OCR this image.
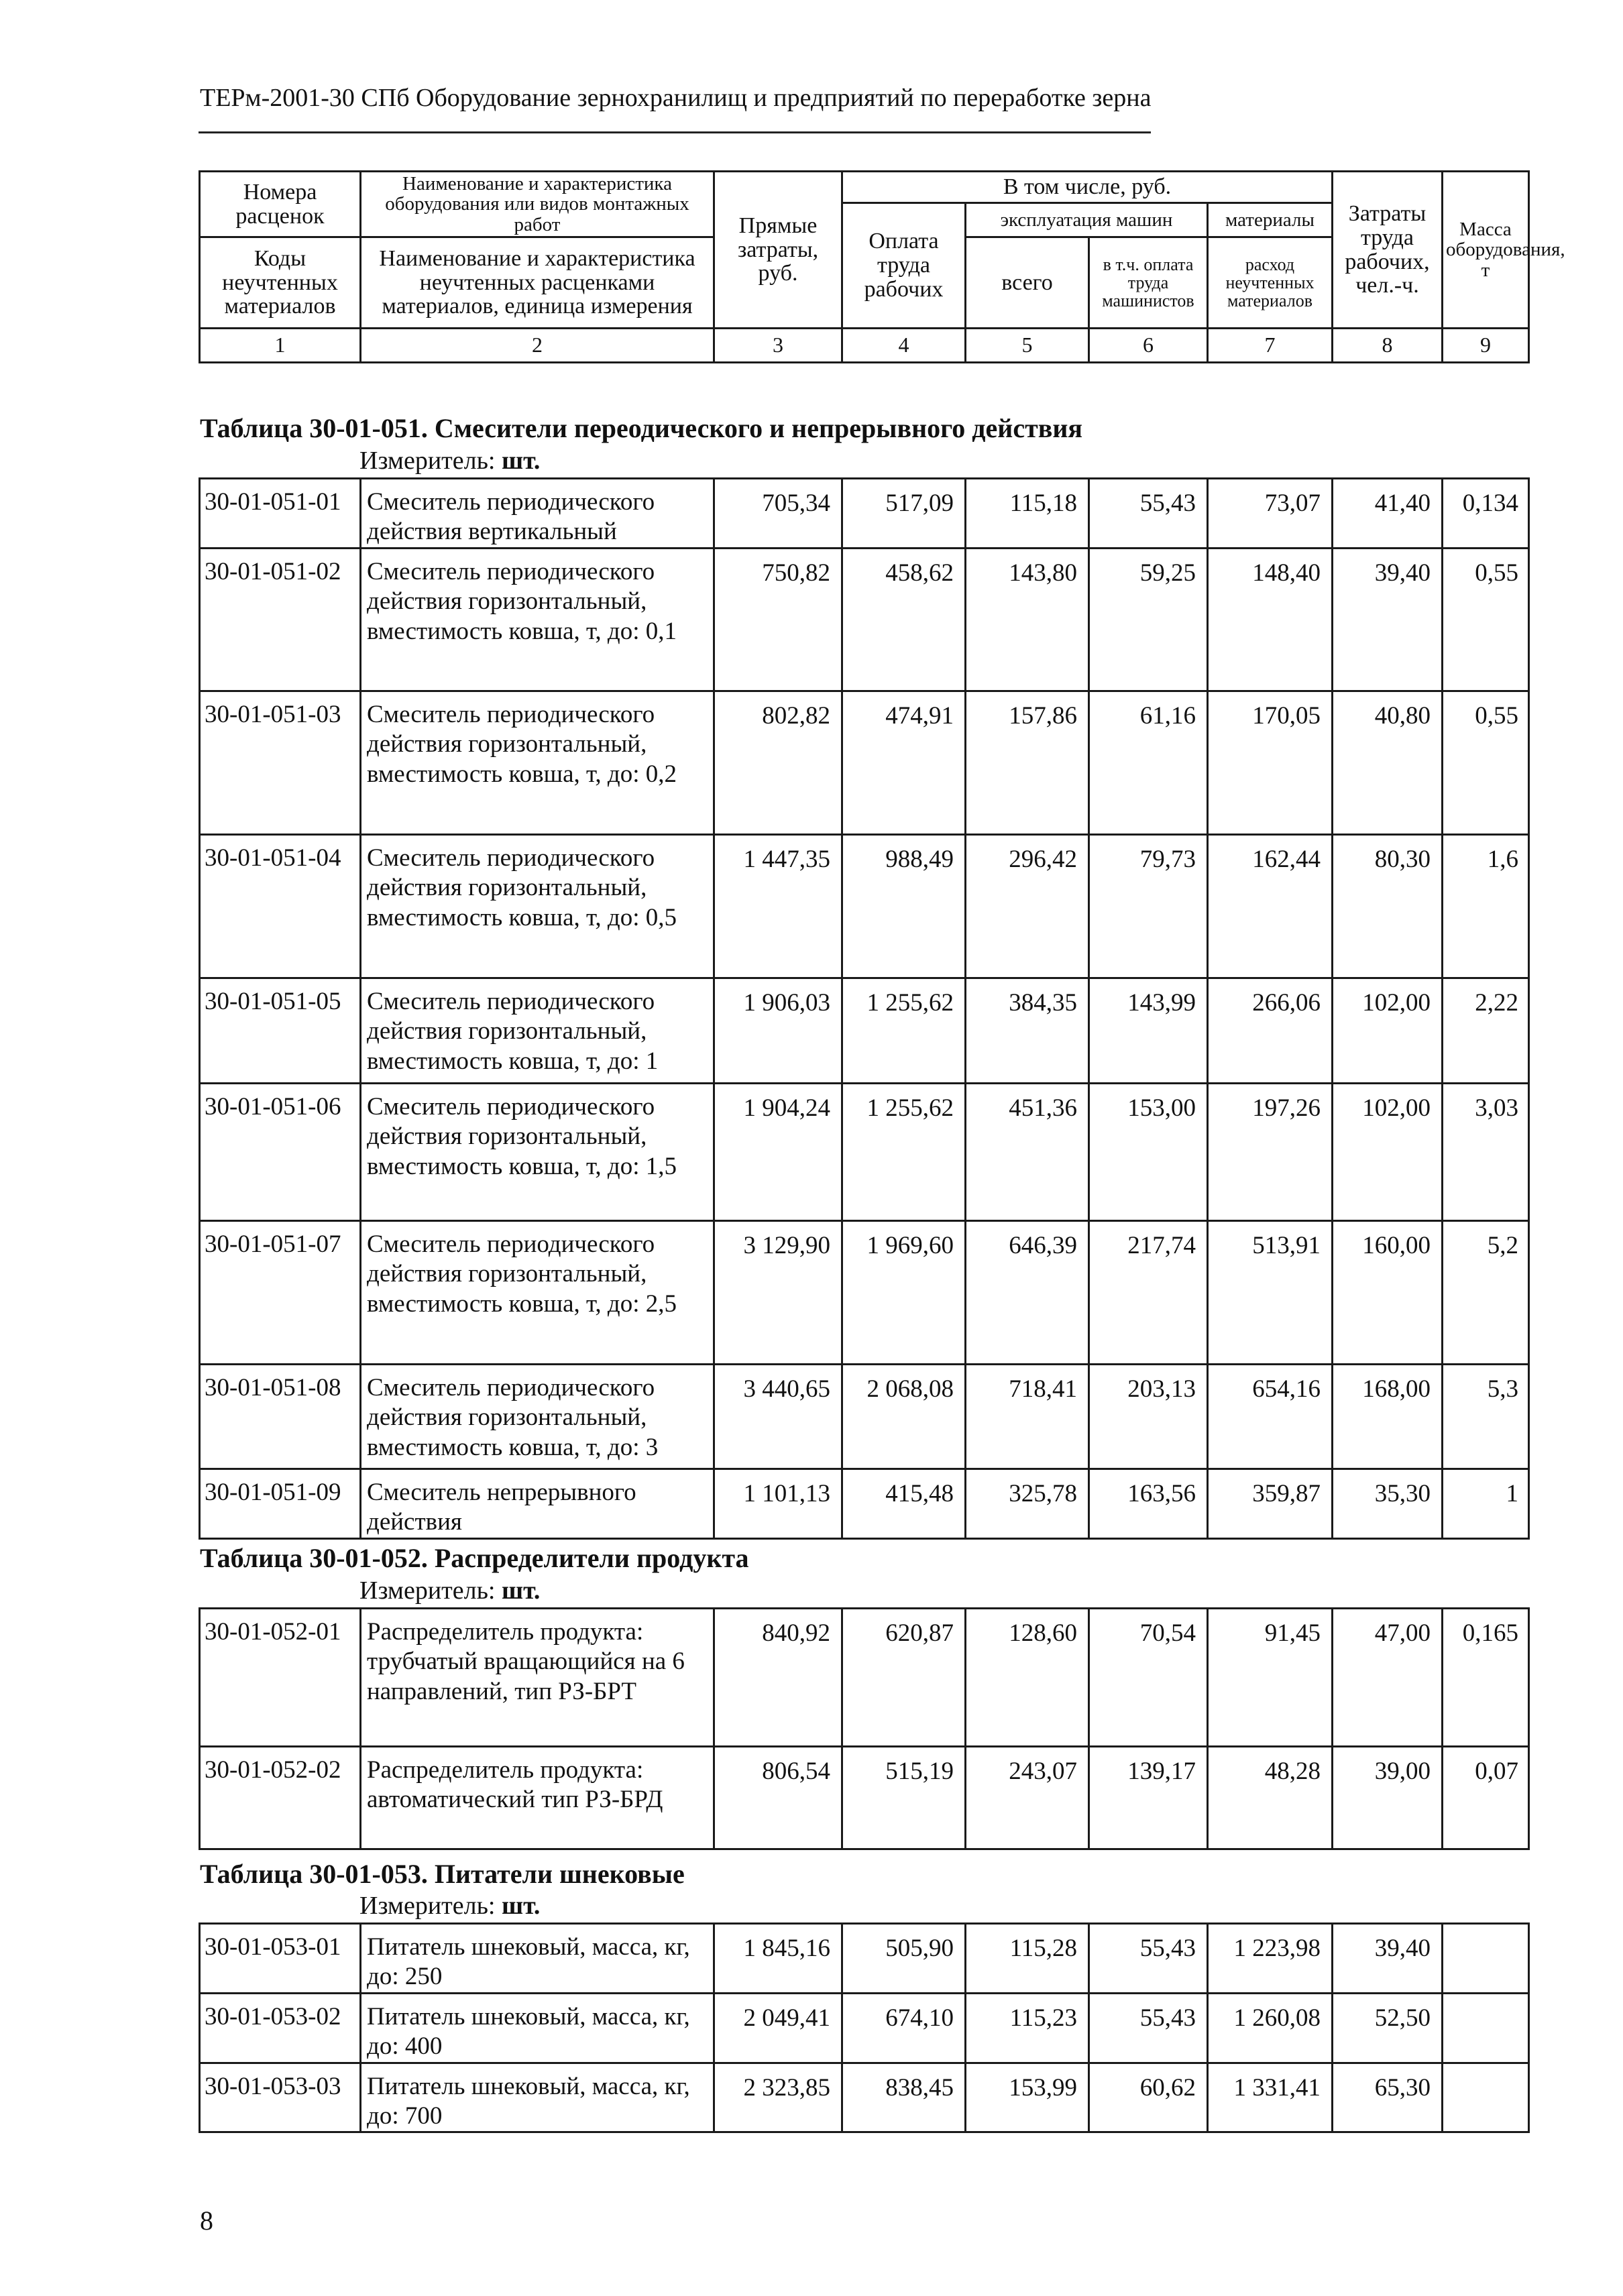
ТЕРм-2001-30 СПб Оборудование зернохранилищ и предприятий по переработке зерна
Номера расценок	Наименование и характеристика оборудования или видов монтажных работ	Прямые затраты, руб.	В том числе, руб.				Затраты труда рабочих, чел.-ч.	Масса оборудования, т
			Оплата труда рабочих	эксплуатация машин		материалы		
Коды неучтенных материалов	Наименование и характеристика неучтенных расценками материалов, единица измерения			всего	в т.ч. оплата труда машинистов	расход неучтенных материалов		

1	2	3	4	5	6	7	8	9
Таблица 30-01-051. Смесители переодического и непрерывного действия
Измеритель: шт.
30-01-051-01	Смеситель периодического действия вертикальный	705,34	517,09	115,18	55,43	73,07	41,40	0,134
30-01-051-02	Смеситель периодического действия горизонтальный, вместимость ковша, т, до: 0,1	750,82	458,62	143,80	59,25	148,40	39,40	0,55
30-01-051-03	Смеситель периодического действия горизонтальный, вместимость ковша, т, до: 0,2	802,82	474,91	157,86	61,16	170,05	40,80	0,55
30-01-051-04	Смеситель периодического действия горизонтальный, вместимость ковша, т, до: 0,5	1 447,35	988,49	296,42	79,73	162,44	80,30	1,6
30-01-051-05	Смеситель периодического действия горизонтальный, вместимость ковша, т, до: 1	1 906,03	1 255,62	384,35	143,99	266,06	102,00	2,22
30-01-051-06	Смеситель периодического действия горизонтальный, вместимость ковша, т, до: 1,5	1 904,24	1 255,62	451,36	153,00	197,26	102,00	3,03
30-01-051-07	Смеситель периодического действия горизонтальный, вместимость ковша, т, до: 2,5	3 129,90	1 969,60	646,39	217,74	513,91	160,00	5,2
30-01-051-08	Смеситель периодического действия горизонтальный, вместимость ковша, т, до: 3	3 440,65	2 068,08	718,41	203,13	654,16	168,00	5,3
30-01-051-09	Смеситель непрерывного действия	1 101,13	415,48	325,78	163,56	359,87	35,30	1
Таблица 30-01-052. Распределители продукта
Измеритель: шт.
30-01-052-01	Распределитель продукта: трубчатый вращающийся на 6 направлений, тип РЗ-БРТ	840,92	620,87	128,60	70,54	91,45	47,00	0,165
30-01-052-02	Распределитель продукта: автоматический тип РЗ-БРД	806,54	515,19	243,07	139,17	48,28	39,00	0,07
Таблица 30-01-053. Питатели шнековые
Измеритель: шт.
30-01-053-01	Питатель шнековый, масса, кг, до: 250	1 845,16	505,90	115,28	55,43	1 223,98	39,40	
30-01-053-02	Питатель шнековый, масса, кг, до: 400	2 049,41	674,10	115,23	55,43	1 260,08	52,50	
30-01-053-03	Питатель шнековый, масса, кг, до: 700	2 323,85	838,45	153,99	60,62	1 331,41	65,30	
8
